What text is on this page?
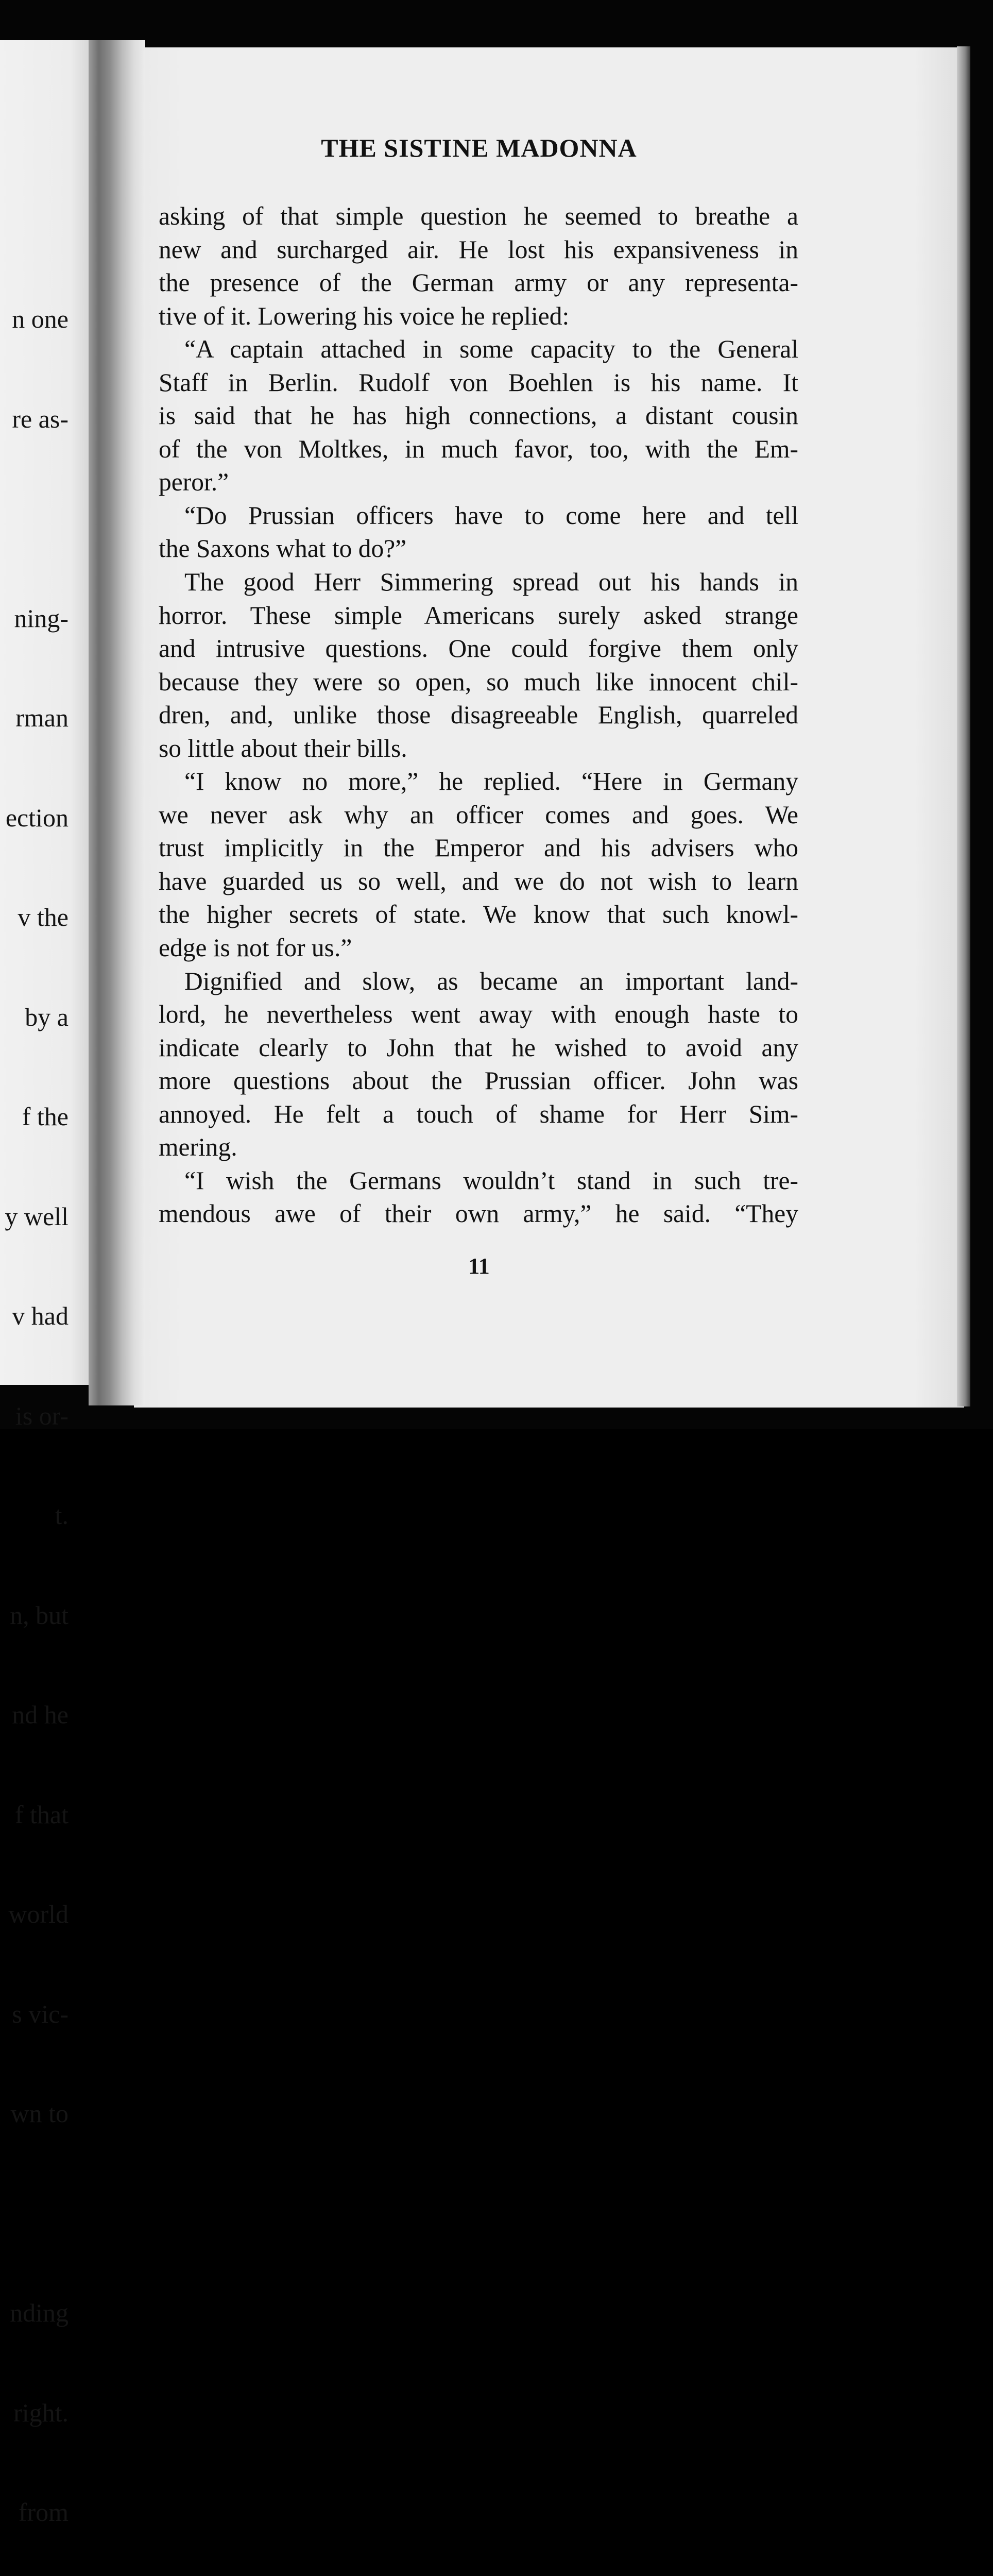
n one

re as-

ning-

rman

ection

v the

by a

f the

y well

v had

is or-

t.

n, but

nd he

f that

world

s vic-

wn to

nding

right.

from

THE SISTINE MADONNA
asking of that simple question he seemed to breathe a
new and surcharged air. He lost his expansiveness in
the presence of the German army or any representa-
tive of it. Lowering his voice he replied:
“A captain attached in some capacity to the General
Staff in Berlin. Rudolf von Boehlen is his name. It
is said that he has high connections, a distant cousin
of the von Moltkes, in much favor, too, with the Em-
peror.”
“Do Prussian officers have to come here and tell
the Saxons what to do?”
The good Herr Simmering spread out his hands in
horror. These simple Americans surely asked strange
and intrusive questions. One could forgive them only
because they were so open, so much like innocent chil-
dren, and, unlike those disagreeable English, quarreled
so little about their bills.
“I know no more,” he replied. “Here in Germany
we never ask why an officer comes and goes. We
trust implicitly in the Emperor and his advisers who
have guarded us so well, and we do not wish to learn
the higher secrets of state. We know that such knowl-
edge is not for us.”
Dignified and slow, as became an important land-
lord, he nevertheless went away with enough haste to
indicate clearly to John that he wished to avoid any
more questions about the Prussian officer. John was
annoyed. He felt a touch of shame for Herr Sim-
mering.
“I wish the Germans wouldn’t stand in such tre-
mendous awe of their own army,” he said. “They
11
